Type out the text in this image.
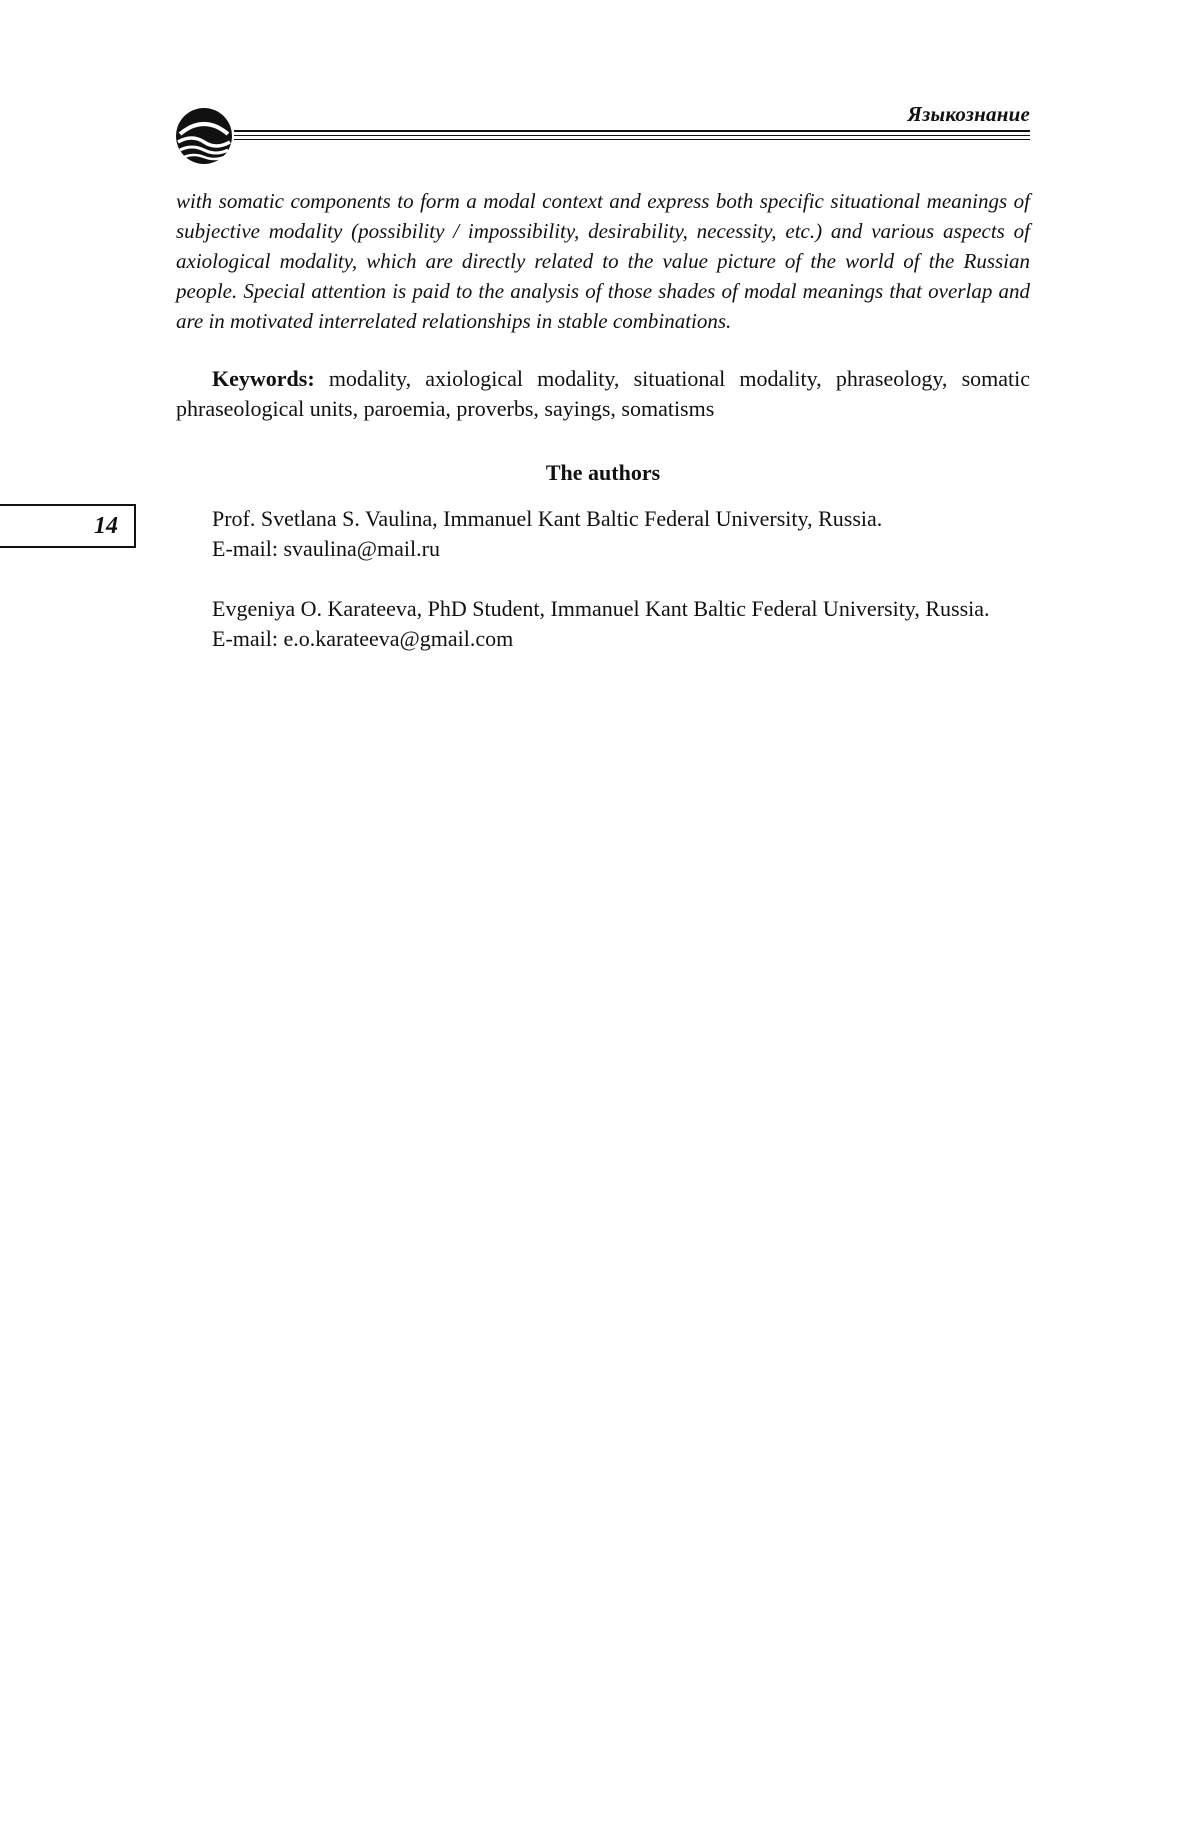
Языкознание
14

with somatic components to form a modal context and express both specific situational meanings of subjective modality (possibility / impossibility, desirability, necessity, etc.) and various aspects of axiological modality, which are directly related to the value picture of the world of the Russian people. Special attention is paid to the analysis of those shades of modal meanings that overlap and are in motivated interrelated relationships in stable combinations.

Keywords: modality, axiological modality, situational modality, phraseology, somatic phraseological units, paroemia, proverbs, sayings, somatisms

The authors

Prof. Svetlana S. Vaulina, Immanuel Kant Baltic Federal University, Russia.

E-mail: svaulina@mail.ru

Evgeniya O. Karateeva, PhD Student, Immanuel Kant Baltic Federal University, Russia.

E-mail: e.o.karateeva@gmail.com
